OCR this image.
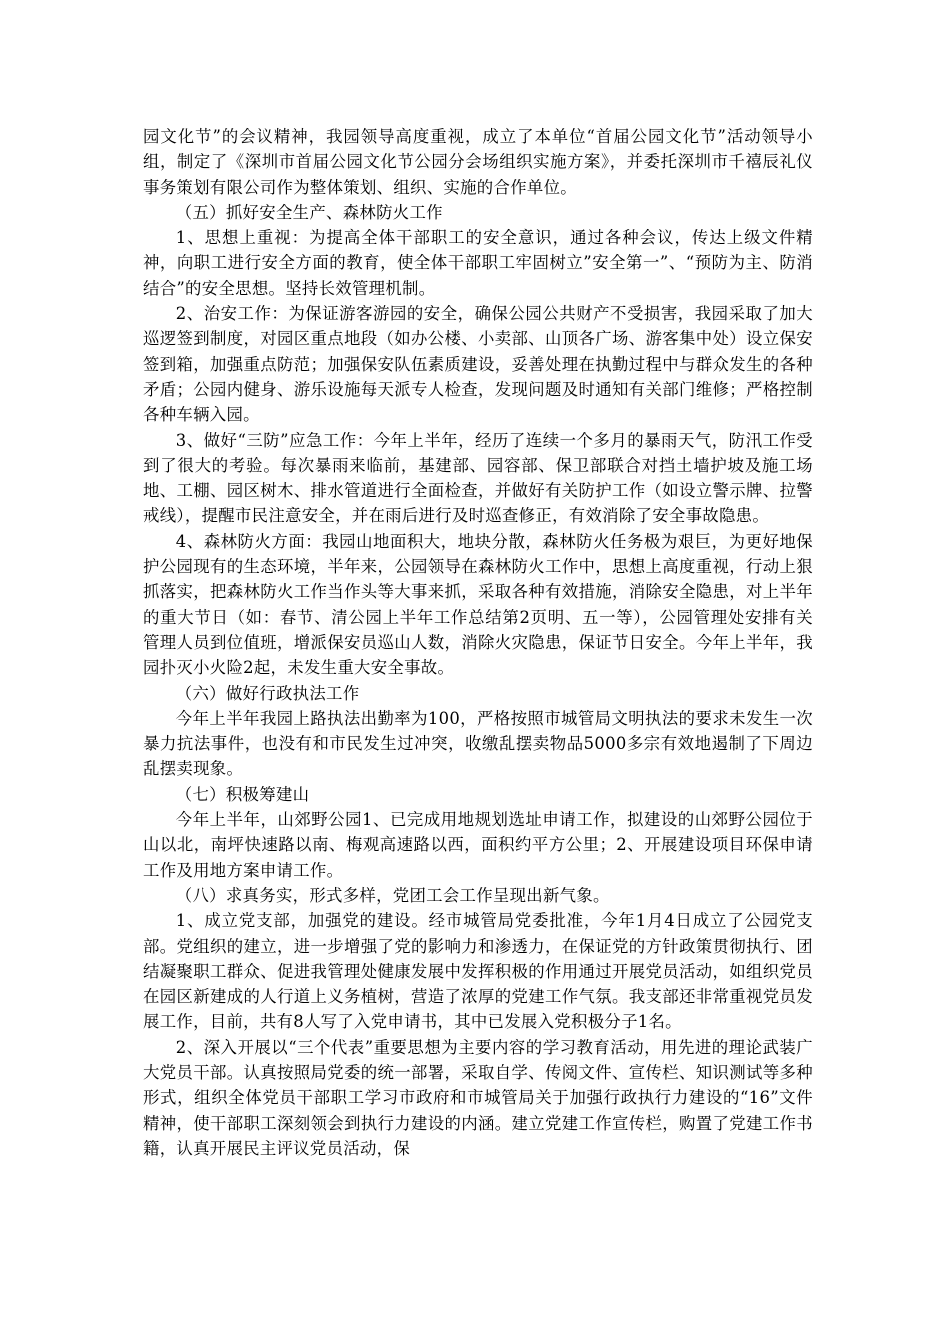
园文化节”的会议精神，我园领导高度重视，成立了本单位“首届公园文化节”活动领导小组，制定了《深圳市首届公园文化节公园分会场组织实施方案》，并委托深圳市千禧辰礼仪事务策划有限公司作为整体策划、组织、实施的合作单位。

（五）抓好安全生产、森林防火工作

1、思想上重视：为提高全体干部职工的安全意识，通过各种会议，传达上级文件精神，向职工进行安全方面的教育，使全体干部职工牢固树立”安全第一”、“预防为主、防消结合”的安全思想。坚持长效管理机制。

2、治安工作：为保证游客游园的安全，确保公园公共财产不受损害，我园采取了加大巡逻签到制度，对园区重点地段（如办公楼、小卖部、山顶各广场、游客集中处）设立保安签到箱，加强重点防范；加强保安队伍素质建设，妥善处理在执勤过程中与群众发生的各种矛盾；公园内健身、游乐设施每天派专人检查，发现问题及时通知有关部门维修；严格控制各种车辆入园。

3、做好“三防”应急工作：今年上半年，经历了连续一个多月的暴雨天气，防汛工作受到了很大的考验。每次暴雨来临前，基建部、园容部、保卫部联合对挡土墙护坡及施工场地、工棚、园区树木、排水管道进行全面检查，并做好有关防护工作（如设立警示牌、拉警戒线），提醒市民注意安全，并在雨后进行及时巡查修正，有效消除了安全事故隐患。

4、森林防火方面：我园山地面积大，地块分散，森林防火任务极为艰巨，为更好地保护公园现有的生态环境，半年来，公园领导在森林防火工作中，思想上高度重视，行动上狠抓落实，把森林防火工作当作头等大事来抓，采取各种有效措施，消除安全隐患，对上半年的重大节日（如：春节、清公园上半年工作总结第2页明、五一等），公园管理处安排有关管理人员到位值班，增派保安员巡山人数，消除火灾隐患，保证节日安全。今年上半年，我园扑灭小火险2起，未发生重大安全事故。

（六）做好行政执法工作

今年上半年我园上路执法出勤率为100，严格按照市城管局文明执法的要求未发生一次暴力抗法事件，也没有和市民发生过冲突，收缴乱摆卖物品5000多宗有效地遏制了下周边乱摆卖现象。

（七）积极筹建山

今年上半年，山郊野公园1、已完成用地规划选址申请工作，拟建设的山郊野公园位于山以北，南坪快速路以南、梅观高速路以西，面积约平方公里；2、开展建设项目环保申请工作及用地方案申请工作。

（八）求真务实，形式多样，党团工会工作呈现出新气象。

1、成立党支部，加强党的建设。经市城管局党委批准，今年1月4日成立了公园党支部。党组织的建立，进一步增强了党的影响力和渗透力，在保证党的方针政策贯彻执行、团结凝聚职工群众、促进我管理处健康发展中发挥积极的作用通过开展党员活动，如组织党员在园区新建成的人行道上义务植树，营造了浓厚的党建工作气氛。我支部还非常重视党员发展工作，目前，共有8人写了入党申请书，其中已发展入党积极分子1名。

2、深入开展以“三个代表”重要思想为主要内容的学习教育活动，用先进的理论武装广大党员干部。认真按照局党委的统一部署，采取自学、传阅文件、宣传栏、知识测试等多种形式，组织全体党员干部职工学习市政府和市城管局关于加强行政执行力建设的“16”文件精神，使干部职工深刻领会到执行力建设的内涵。建立党建工作宣传栏，购置了党建工作书籍，认真开展民主评议党员活动，保
